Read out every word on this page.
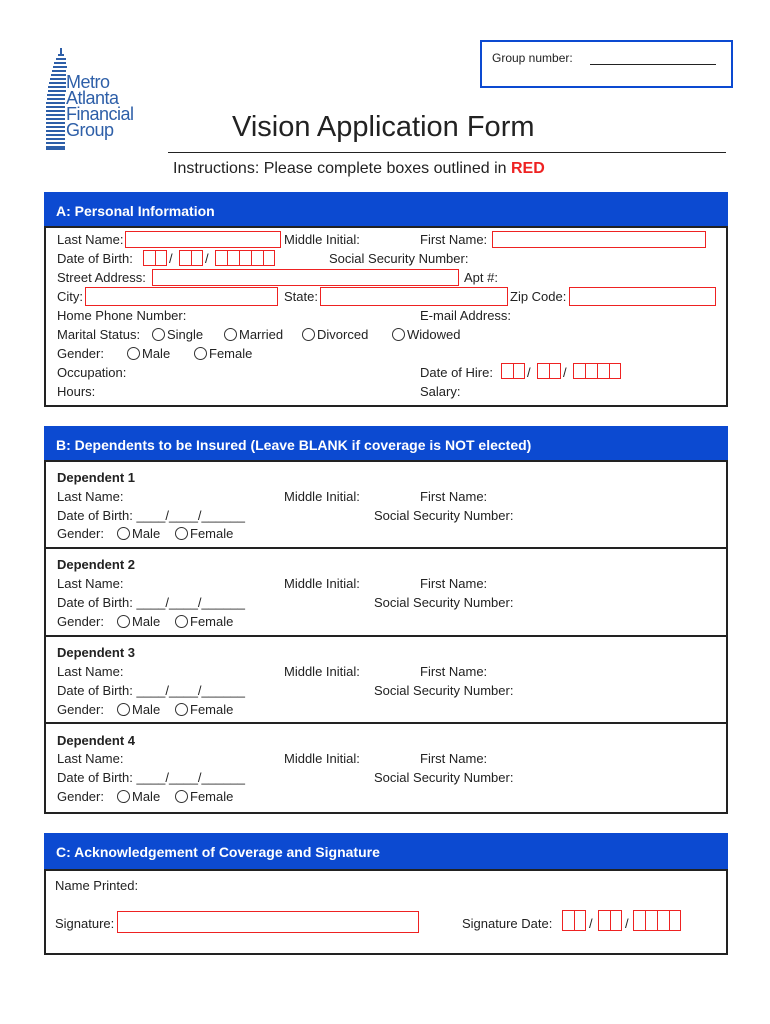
Metro
Atlanta
Financial
Group
Group number:
Vision Application Form
Instructions: Please complete boxes outlined in RED
A: Personal Information
Last Name:	Middle Initial:	First Name:
Date of Birth:	/ /	Social Security Number:
Street Address:	Apt #:
City:	State:	Zip Code:
Home Phone Number:	E-mail Address:
Marital Status:	Single	Married	Divorced	Widowed
Gender:	Male	Female
Occupation:	Date of Hire:	/ /
Hours:	Salary:
B: Dependents to be Insured (Leave BLANK if coverage is NOT elected)
Dependent 1
Last Name:	Middle Initial:	First Name:
Date of Birth: ____/____/______	Social Security Number:
Gender:	Male	Female
Dependent 2
Last Name:	Middle Initial:	First Name:
Date of Birth: ____/____/______	Social Security Number:
Gender:	Male	Female
Dependent 3
Last Name:	Middle Initial:	First Name:
Date of Birth: ____/____/______	Social Security Number:
Gender:	Male	Female
Dependent 4
Last Name:	Middle Initial:	First Name:
Date of Birth: ____/____/______	Social Security Number:
Gender:	Male	Female
C: Acknowledgement of Coverage and Signature
Name Printed:
Signature:	Signature Date:	/ /
